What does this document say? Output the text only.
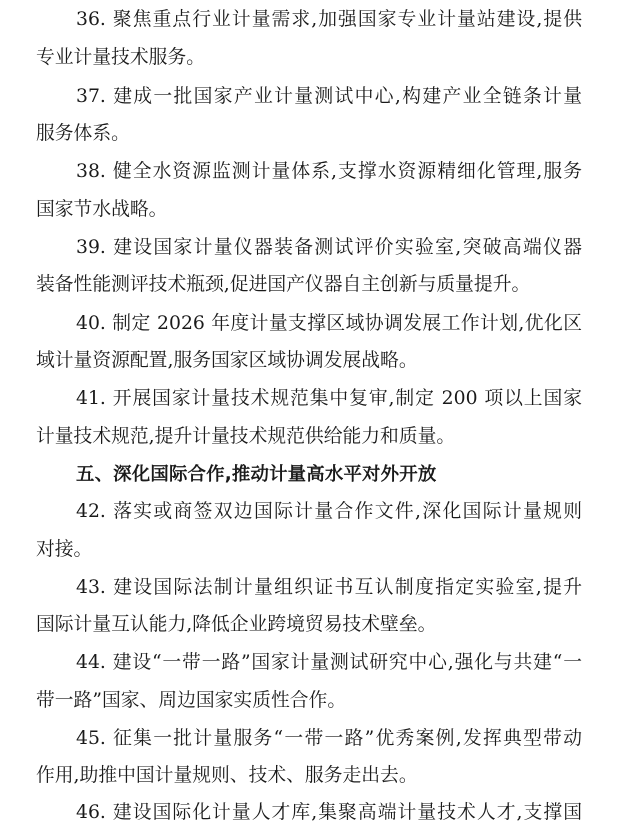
36. 聚焦重点行业计量需求,加强国家专业计量站建设,提供
专业计量技术服务。
37. 建成一批国家产业计量测试中心,构建产业全链条计量
服务体系。
38. 健全水资源监测计量体系,支撑水资源精细化管理,服务
国家节水战略。
39. 建设国家计量仪器装备测试评价实验室,突破高端仪器
装备性能测评技术瓶颈,促进国产仪器自主创新与质量提升。
40. 制定 2026 年度计量支撑区域协调发展工作计划,优化区
域计量资源配置,服务国家区域协调发展战略。
41. 开展国家计量技术规范集中复审,制定 200 项以上国家
计量技术规范,提升计量技术规范供给能力和质量。
五、深化国际合作,推动计量高水平对外开放
42. 落实或商签双边国际计量合作文件,深化国际计量规则
对接。
43. 建设国际法制计量组织证书互认制度指定实验室,提升
国际计量互认能力,降低企业跨境贸易技术壁垒。
44. 建设“一带一路”国家计量测试研究中心,强化与共建“一
带一路”国家、周边国家实质性合作。
45. 征集一批计量服务“一带一路”优秀案例,发挥典型带动
作用,助推中国计量规则、技术、服务走出去。
46. 建设国际化计量人才库,集聚高端计量技术人才,支撑国
